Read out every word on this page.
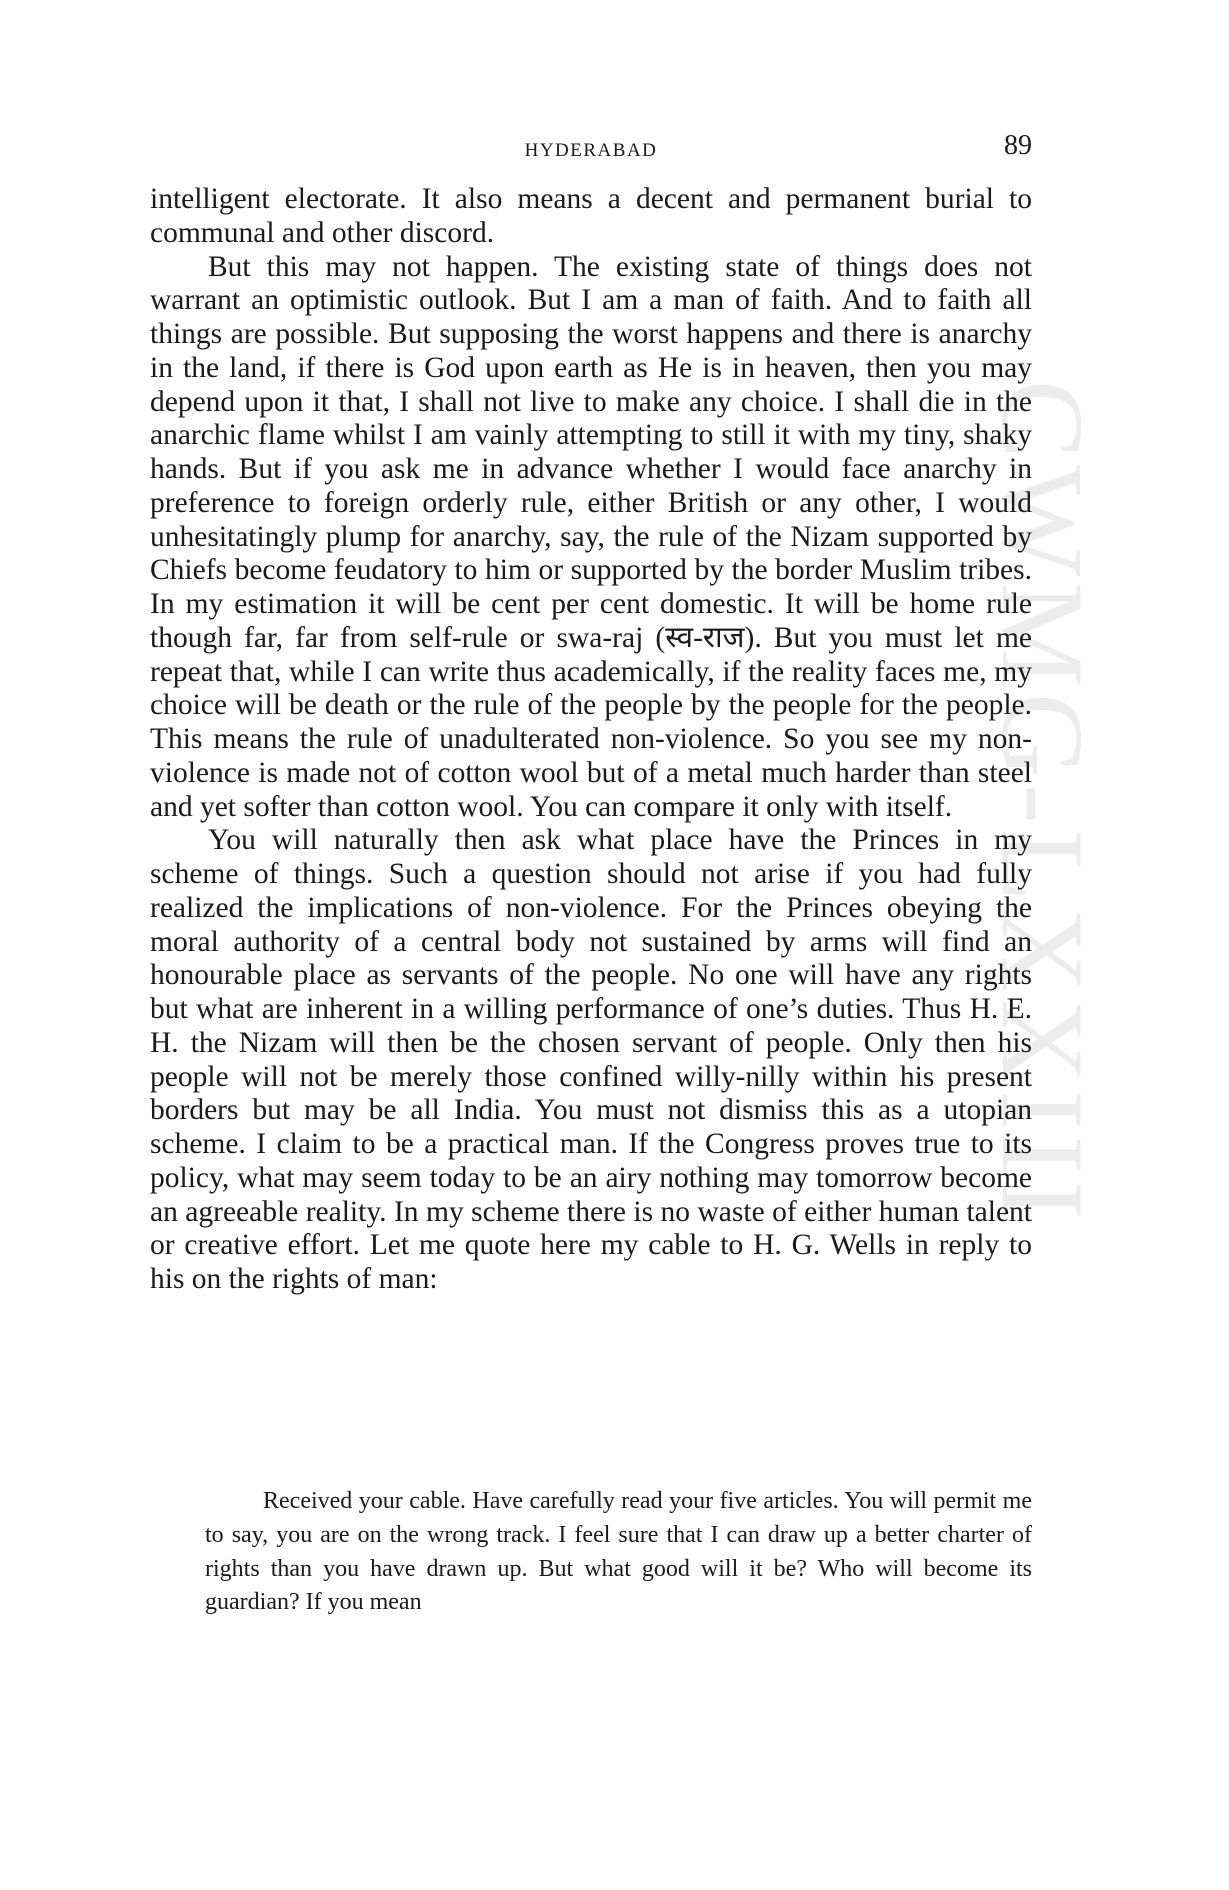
CWMG-LXXIII
HYDERABAD	89

intelligent electorate. It also means a decent and permanent burial to communal and other discord.

But this may not happen. The existing state of things does not warrant an optimistic outlook. But I am a man of faith. And to faith all things are possible. But supposing the worst happens and there is anarchy in the land, if there is God upon earth as He is in heaven, then you may depend upon it that, I shall not live to make any choice. I shall die in the anarchic flame whilst I am vainly attempting to still it with my tiny, shaky hands. But if you ask me in advance whether I would face anarchy in preference to foreign orderly rule, either British or any other, I would unhesitatingly plump for anarchy, say, the rule of the Nizam supported by Chiefs become feudatory to him or supported by the border Muslim tribes. In my estimation it will be cent per cent domestic. It will be home rule though far, far from self-rule or swa-raj (स्व-राज). But you must let me repeat that, while I can write thus academically, if the reality faces me, my choice will be death or the rule of the people by the people for the people. This means the rule of unadulterated non-violence. So you see my non-violence is made not of cotton wool but of a metal much harder than steel and yet softer than cotton wool. You can compare it only with itself.

You will naturally then ask what place have the Princes in my scheme of things. Such a question should not arise if you had fully realized the implications of non-violence. For the Princes obeying the moral authority of a central body not sustained by arms will find an honourable place as servants of the people. No one will have any rights but what are inherent in a willing performance of one’s duties. Thus H. E. H. the Nizam will then be the chosen servant of people. Only then his people will not be merely those confined willy-nilly within his present borders but may be all India. You must not dismiss this as a utopian scheme. I claim to be a practical man. If the Congress proves true to its policy, what may seem today to be an airy nothing may tomorrow become an agreeable reality. In my scheme there is no waste of either human talent or creative effort. Let me quote here my cable to H. G. Wells in reply to his on the rights of man:

Received your cable. Have carefully read your five articles. You will permit me to say, you are on the wrong track. I feel sure that I can draw up a better charter of rights than you have drawn up. But what good will it be? Who will become its guardian? If you mean
